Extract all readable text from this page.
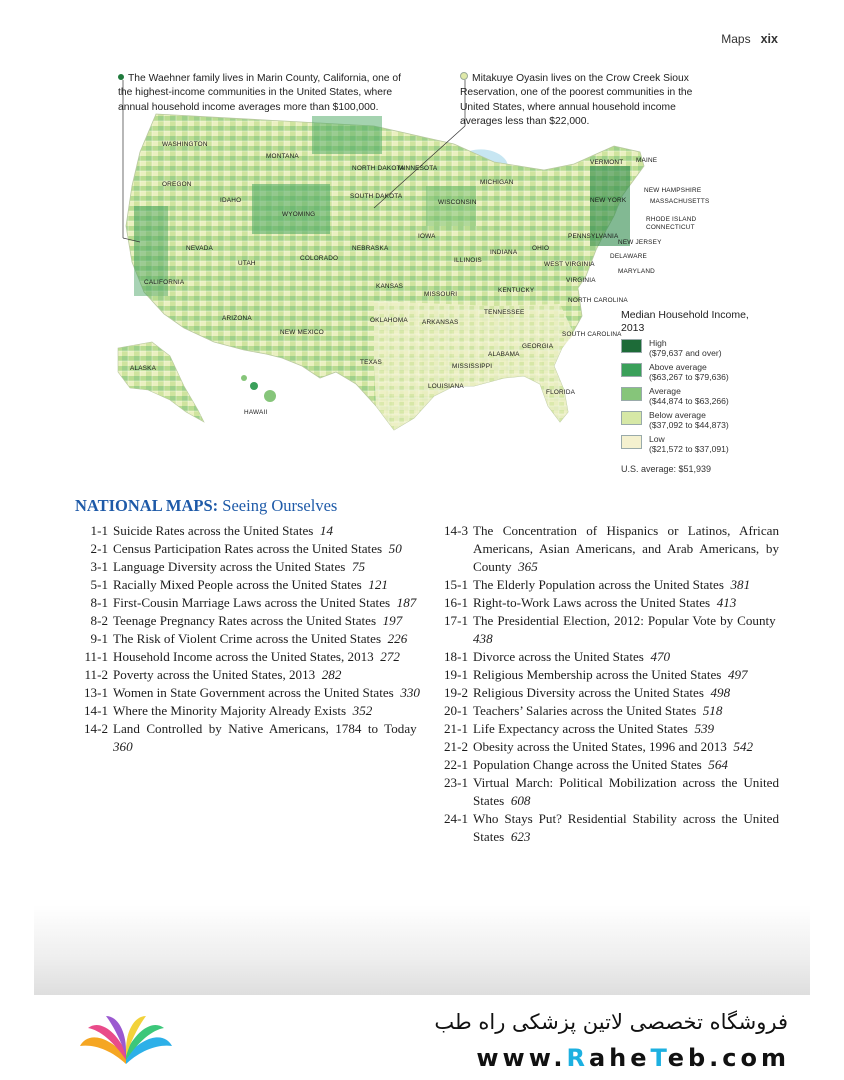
Maps xix
WASHINGTON
MONTANA
NORTH DAKOTA
MINNESOTA
OREGON
IDAHO
WYOMING
SOUTH DAKOTA
WISCONSIN
MICHIGAN
VERMONT MAINE
NEW HAMPSHIRE
MASSACHUSETTS
NEW YORK
RHODE ISLAND
CONNECTICUT
PENNSYLVANIA
NEW JERSEY
DELAWARE
MARYLAND
NEVADA
UTAH
COLORADO
NEBRASKA
IOWA
ILLINOIS
INDIANA
OHIO
WEST VIRGINIA
VIRGINIA
CALIFORNIA
KANSAS
MISSOURI
KENTUCKY
NORTH CAROLINA
TENNESSEE
ARIZONA
NEW MEXICO
OKLAHOMA ARKANSAS
SOUTH CAROLINA
GEORGIA
ALABAMA
MISSISSIPPI
TEXAS
LOUISIANA
FLORIDA
ALASKA
HAWAII
The Waehner family lives in Marin County, California, one of the highest-income communities in the United States, where annual household income averages more than $100,000.
Mitakuye Oyasin lives on the Crow Creek Sioux Reservation, one of the poorest communities in the United States, where annual household income averages less than $22,000.
Median Household Income, 2013
High
($79,637 and over)
Above average
($63,267 to $79,636)
Average
($44,874 to $63,266)
Below average
($37,092 to $44,873)
Low
($21,572 to $37,091)
U.S. average: $51,939
NATIONAL MAPS: Seeing Ourselves
1-1 Suicide Rates across the United States 14
2-1 Census Participation Rates across the United States 50
3-1 Language Diversity across the United States 75
5-1 Racially Mixed People across the United States 121
8-1 First-Cousin Marriage Laws across the United States 187
8-2 Teenage Pregnancy Rates across the United States 197
9-1 The Risk of Violent Crime across the United States 226
11-1 Household Income across the United States, 2013 272
11-2 Poverty across the United States, 2013 282
13-1 Women in State Government across the United States 330
14-1 Where the Minority Majority Already Exists 352
14-2 Land Controlled by Native Americans, 1784 to Today  360
14-3 The Concentration of Hispanics or Latinos, African Americans, Asian Americans, and Arab Americans, by County 365
15-1 The Elderly Population across the United States 381
16-1 Right-to-Work Laws across the United States 413
17-1 The Presidential Election, 2012: Popular Vote by County  438
18-1 Divorce across the United States 470
19-1 Religious Membership across the United States 497
19-2 Religious Diversity across the United States 498
20-1 Teachers’ Salaries across the United States 518
21-1 Life Expectancy across the United States 539
21-2 Obesity across the United States, 1996 and 2013 542
22-1 Population Change across the United States 564
23-1 Virtual March: Political Mobilization across the United States 608
24-1 Who Stays Put? Residential Stability across the United States 623
فروشگاه تخصصی لاتین پزشکی راه طب
www.RaheTeb.com
